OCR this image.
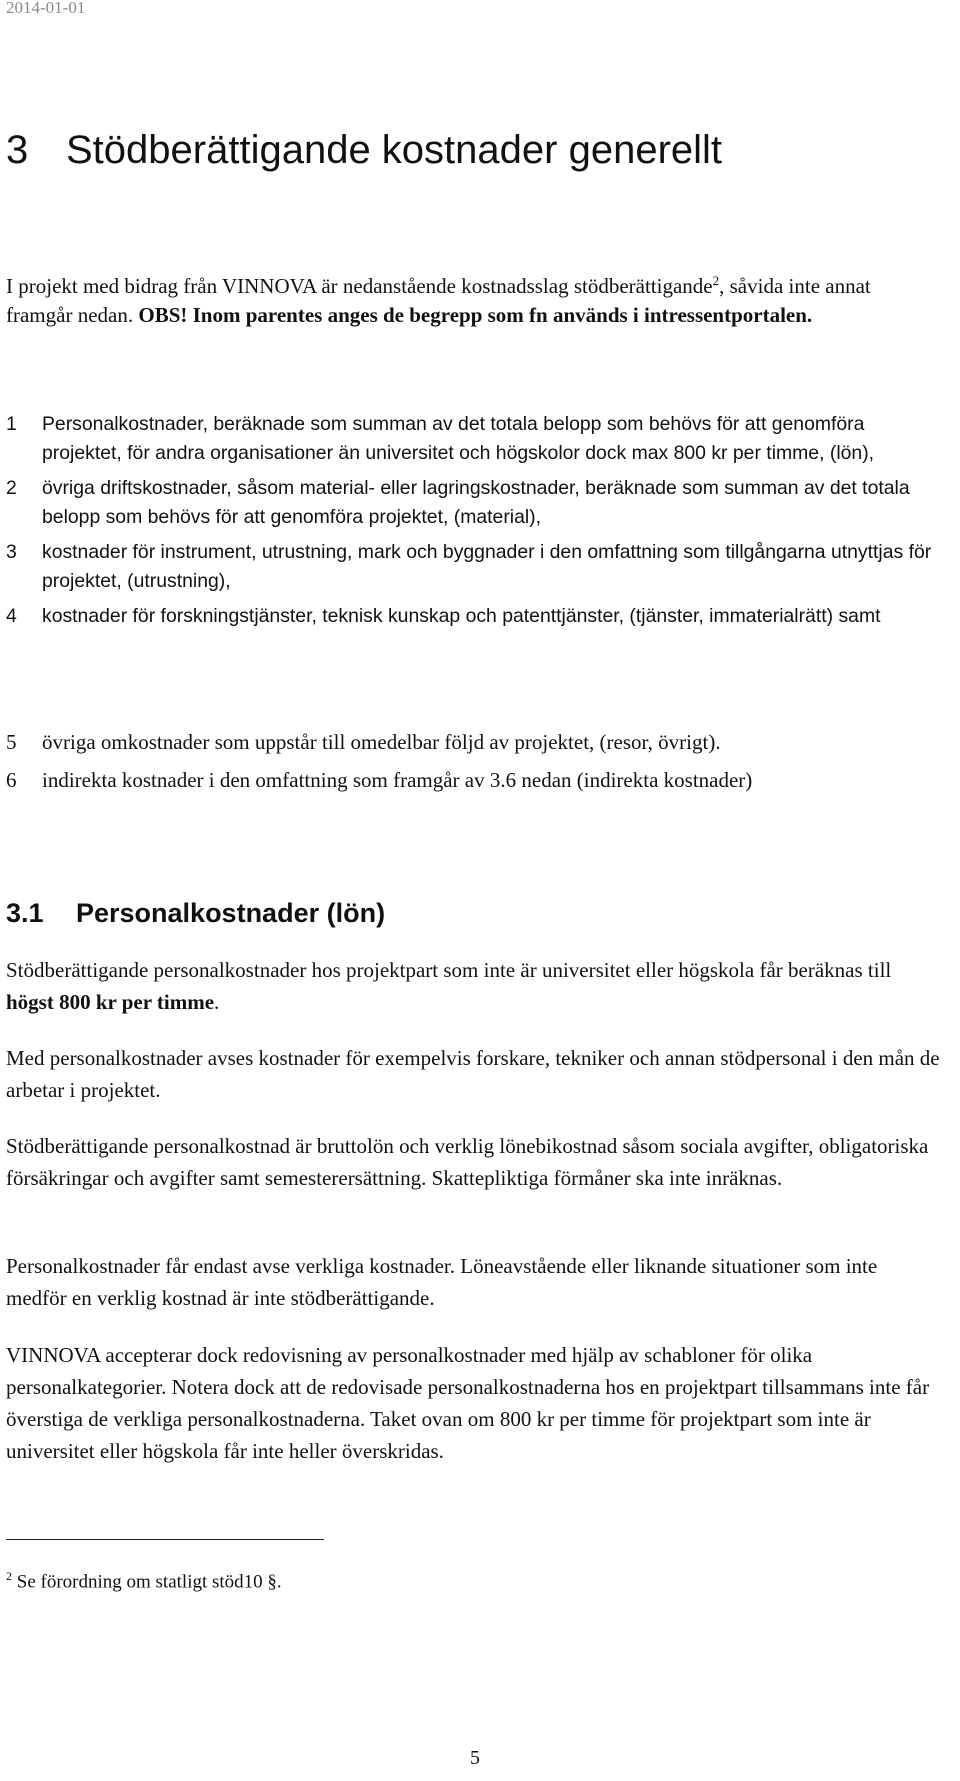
2014-01-01
3 Stödberättigande kostnader generellt
I projekt med bidrag från VINNOVA är nedanstående kostnadsslag stödberättigande$^2$, såvida inte annat framgår nedan. OBS! Inom parentes anges de begrepp som fn används i intressentportalen.
1	Personalkostnader, beräknade som summan av det totala belopp som behövs för att genomföra projektet, för andra organisationer än universitet och högskolor dock max 800 kr per timme, (lön),
2	övriga driftskostnader, såsom material- eller lagringskostnader, beräknade som summan av det totala belopp som behövs för att genomföra projektet, (material),
3	kostnader för instrument, utrustning, mark och byggnader i den omfattning som tillgångarna utnyttjas för projektet, (utrustning),
4	kostnader för forskningstjänster, teknisk kunskap och patenttjänster, (tjänster, immaterialrätt) samt
5	övriga omkostnader som uppstår till omedelbar följd av projektet, (resor, övrigt).
6	indirekta kostnader i den omfattning som framgår av 3.6 nedan (indirekta kostnader)
3.1 Personalkostnader (lön)
Stödberättigande personalkostnader hos projektpart som inte är universitet eller högskola får beräknas till högst 800 kr per timme.
Med personalkostnader avses kostnader för exempelvis forskare, tekniker och annan stödpersonal i den mån de arbetar i projektet.
Stödberättigande personalkostnad är bruttolön och verklig lönebikostnad såsom sociala avgifter, obligatoriska försäkringar och avgifter samt semesterersättning. Skattepliktiga förmåner ska inte inräknas.
Personalkostnader får endast avse verkliga kostnader. Löneavstående eller liknande situationer som inte medför en verklig kostnad är inte stödberättigande.
VINNOVA accepterar dock redovisning av personalkostnader med hjälp av schabloner för olika personalkategorier. Notera dock att de redovisade personalkostnaderna hos en projektpart tillsammans inte får överstiga de verkliga personalkostnaderna. Taket ovan om 800 kr per timme för projektpart som inte är universitet eller högskola får inte heller överskridas.
$^2$ Se förordning om statligt stöd10 §.
5
